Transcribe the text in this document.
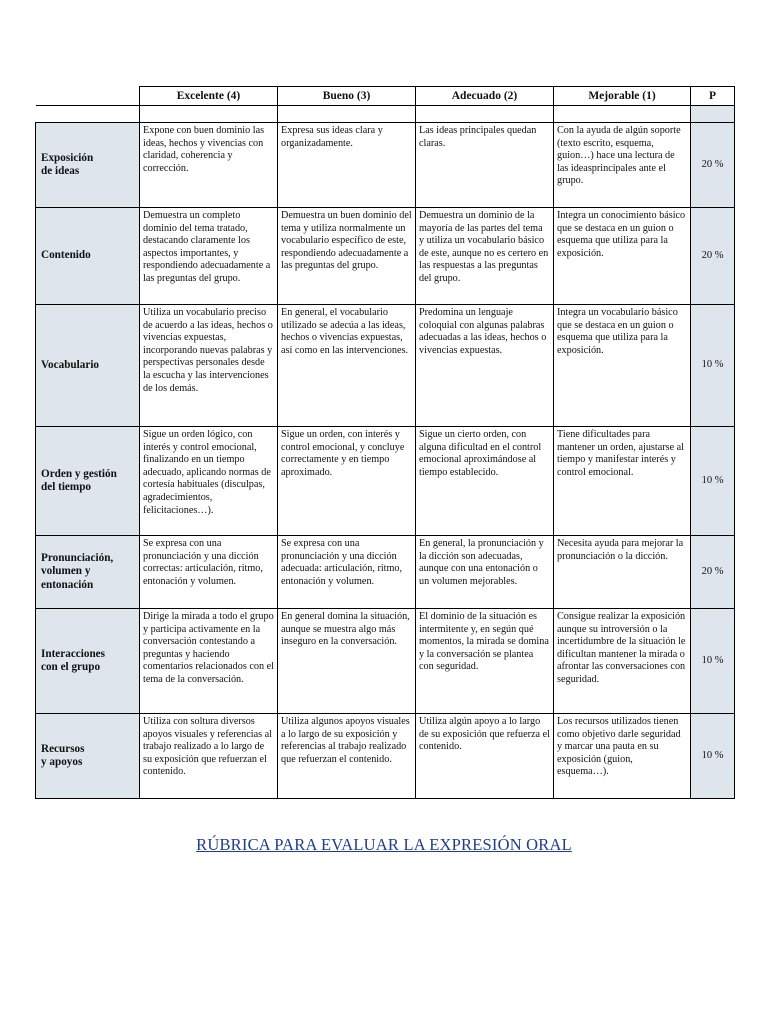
	Excelente (4)	Bueno (3)	Adecuado (2)	Mejorable (1)	P

Exposición
de ideas	Expone con buen dominio las ideas, hechos y vivencias con claridad, coherencia y corrección.	Expresa sus ideas clara y organizadamente.	Las ideas principales quedan claras.	Con la ayuda de algún soporte (texto escrito, esquema, guion…) hace una lectura de las ideasprincipales ante el grupo.	20 %
Contenido	Demuestra un completo dominio del tema tratado, destacando claramente los aspectos importantes, y respondiendo adecuadamente a las preguntas del grupo.	Demuestra un buen dominio del tema y utiliza normalmente un vocabulario específico de este, respondiendo adecuadamente a las preguntas del grupo.	Demuestra un dominio de la mayoría de las partes del tema y utiliza un vocabulario básico de este, aunque no es certero en las respuestas a las preguntas del grupo.	Integra un conocimiento básico que se destaca en un guion o esquema que utiliza para la exposición.	20 %
Vocabulario	Utiliza un vocabulario preciso de acuerdo a las ideas, hechos o vivencias expuestas, incorporando nuevas palabras y perspectivas personales desde la escucha y las intervenciones de los demás.	En general, el vocabulario utilizado se adecúa a las ideas, hechos o vivencias expuestas, así como en las intervenciones.	Predomina un lenguaje coloquial con algunas palabras adecuadas a las ideas, hechos o vivencias expuestas.	Integra un vocabulario básico que se destaca en un guion o esquema que utiliza para la exposición.	10 %
Orden y gestión
del tiempo	Sigue un orden lógico, con interés y control emocional, finalizando en un tiempo adecuado, aplicando normas de cortesía habituales (disculpas, agradecimientos, felicitaciones…).	Sigue un orden, con interés y control emocional, y concluye correctamente y en tiempo aproximado.	Sigue un cierto orden, con alguna dificultad en el control emocional aproximándose al tiempo establecido.	Tiene dificultades para mantener un orden, ajustarse al tiempo y manifestar interés y control emocional.	10 %
Pronunciación,
volumen y
entonación	Se expresa con una pronunciación y una dicción correctas: articulación, ritmo, entonación y volumen.	Se expresa con una pronunciación y una dicción adecuada: articulación, ritmo, entonación y volumen.	En general, la pronunciación y la dicción son adecuadas, aunque con una entonación o un volumen mejorables.	Necesita ayuda para mejorar la pronunciación o la dicción.	20 %
Interacciones
con el grupo	Dirige la mirada a todo el grupo y participa activamente en la conversación contestando a preguntas y haciendo comentarios relacionados con el tema de la conversación.	En general domina la situación, aunque se muestra algo más inseguro en la conversación.	El dominio de la situación es intermitente y, en según qué momentos, la mirada se domina y la conversación se plantea con seguridad.	Consigue realizar la exposición aunque su introversión o la incertidumbre de la situación le dificultan mantener la mirada o afrontar las conversaciones con seguridad.	10 %
Recursos
y apoyos	Utiliza con soltura diversos apoyos visuales y referencias al trabajo realizado a lo largo de su exposición que refuerzan el contenido.	Utiliza algunos apoyos visuales a lo largo de su exposición y referencias al trabajo realizado que refuerzan el contenido.	Utiliza algún apoyo a lo largo de su exposición que refuerza el contenido.	Los recursos utilizados tienen como objetivo darle seguridad y marcar una pauta en su exposición (guion, esquema…).	10 %
RÚBRICA PARA EVALUAR LA EXPRESIÓN ORAL
